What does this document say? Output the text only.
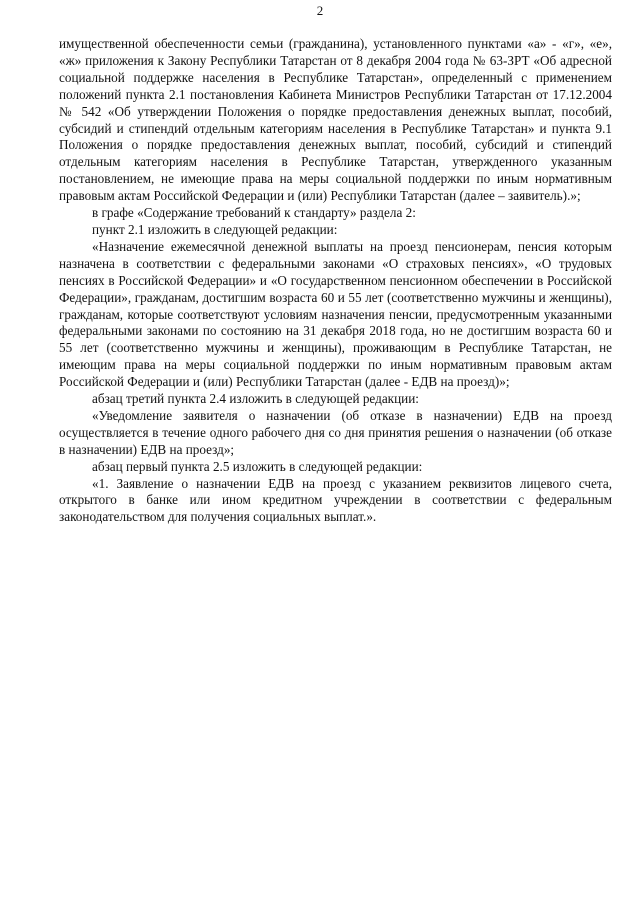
2

имущественной обеспеченности семьи (гражданина), установленного пунктами «а» - «г», «е», «ж» приложения к Закону Республики Татарстан от 8 декабря 2004 года № 63-ЗРТ «Об адресной социальной поддержке населения в Республике Татарстан», определенный с применением положений пункта 2.1 постановления Кабинета Министров Республики Татарстан от 17.12.2004 № 542 «Об утверждении Положения о порядке предоставления денежных выплат, пособий, субсидий и стипендий отдельным категориям населения в Республике Татарстан» и пункта 9.1 Положения о порядке предоставления денежных выплат, пособий, субсидий и стипендий отдельным категориям населения в Республике Татарстан, утвержденного указанным постановлением, не имеющие права на меры социальной поддержки по иным нормативным правовым актам Российской Федерации и (или) Республики Татарстан (далее – заявитель).»;

в графе «Содержание требований к стандарту» раздела 2:

пункт 2.1 изложить в следующей редакции:

«Назначение ежемесячной денежной выплаты на проезд пенсионерам, пенсия которым назначена в соответствии с федеральными законами «О страховых пенсиях», «О трудовых пенсиях в Российской Федерации» и «О государственном пенсионном обеспечении в Российской Федерации», гражданам, достигшим возраста 60 и 55 лет (соответственно мужчины и женщины), гражданам, которые соответствуют условиям назначения пенсии, предусмотренным указанными федеральными законами по состоянию на 31 декабря 2018 года, но не достигшим возраста 60 и 55 лет (соответственно мужчины и женщины), проживающим в Республике Татарстан, не имеющим права на меры социальной поддержки по иным нормативным правовым актам Российской Федерации и (или) Республики Татарстан (далее - ЕДВ на проезд)»;

абзац третий пункта 2.4 изложить в следующей редакции:

«Уведомление заявителя о назначении (об отказе в назначении) ЕДВ на проезд осуществляется в течение одного рабочего дня со дня принятия решения о назначении (об отказе в назначении) ЕДВ на проезд»;

абзац первый пункта 2.5 изложить в следующей редакции:

«1. Заявление о назначении ЕДВ на проезд с указанием реквизитов лицевого счета, открытого в банке или ином кредитном учреждении в соответствии с федеральным законодательством для получения социальных выплат.».
